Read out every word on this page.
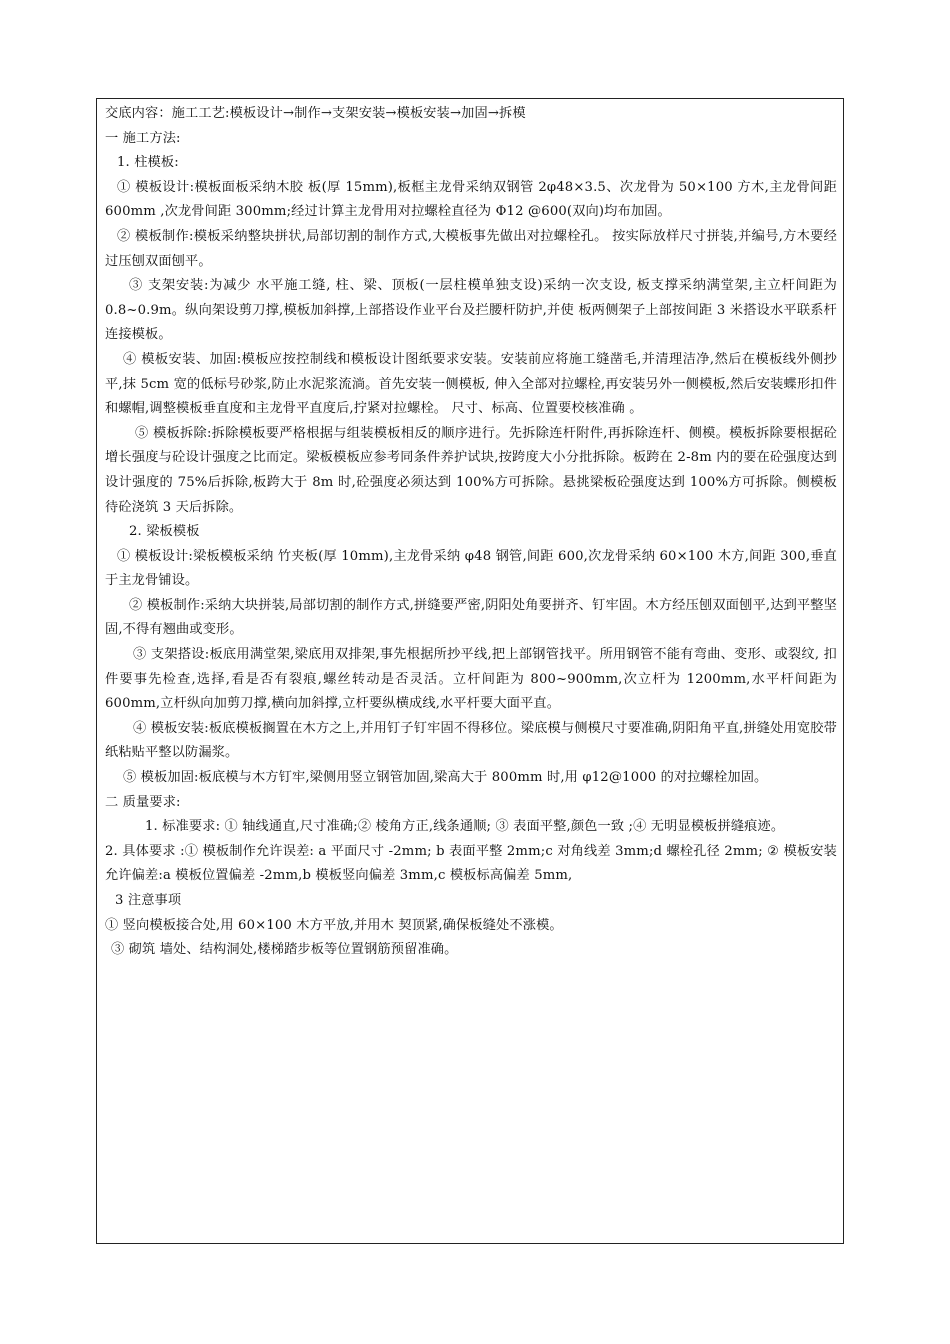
交底内容：施工工艺:模板设计→制作→支架安装→模板安装→加固→拆模

一 施工方法:

1. 柱模板:

① 模板设计:模板面板采纳木胶 板(厚 15mm),板框主龙骨采纳双钢管 2φ48×3.5、次龙骨为 50×100 方木,主龙骨间距 600mm ,次龙骨间距 300mm;经过计算主龙骨用对拉螺栓直径为 Φ12 @600(双向)均布加固。

② 模板制作:模板采纳整块拼状,局部切割的制作方式,大模板事先做出对拉螺栓孔。 按实际放样尺寸拼装,并编号,方木要经过压刨双面刨平。

③ 支架安装:为减少 水平施工缝, 柱、梁、顶板(一层柱模单独支设)采纳一次支设, 板支撑采纳满堂架,主立杆间距为 0.8~0.9m。纵向架设剪刀撑,模板加斜撑,上部搭设作业平台及拦腰杆防护,并使 板两侧架子上部按间距 3 米搭设水平联系杆连接模板。

④ 模板安装、加固:模板应按控制线和模板设计图纸要求安装。安装前应将施工缝凿毛,并清理洁净,然后在模板线外侧抄平,抹 5cm 宽的低标号砂浆,防止水泥浆流淌。首先安装一侧模板, 伸入全部对拉螺栓,再安装另外一侧模板,然后安装蝶形扣件和螺帽,调整模板垂直度和主龙骨平直度后,拧紧对拉螺栓。 尺寸、标高、位置要校核准确 。

⑤ 模板拆除:拆除模板要严格根据与组装模板相反的顺序进行。先拆除连杆附件,再拆除连杆、侧模。模板拆除要根据砼增长强度与砼设计强度之比而定。梁板模板应参考同条件养护试块,按跨度大小分批拆除。板跨在 2-8m 内的要在砼强度达到设计强度的 75%后拆除,板跨大于 8m 时,砼强度必须达到 100%方可拆除。悬挑梁板砼强度达到 100%方可拆除。侧模板 待砼浇筑 3 天后拆除。

2. 梁板模板

① 模板设计:梁板模板采纳 竹夹板(厚 10mm),主龙骨采纳 φ48 钢管,间距 600,次龙骨采纳 60×100 木方,间距 300,垂直于主龙骨铺设。

② 模板制作:采纳大块拼装,局部切割的制作方式,拼缝要严密,阴阳处角要拼齐、钉牢固。木方经压刨双面刨平,达到平整坚固,不得有翘曲或变形。

③ 支架搭设:板底用满堂架,梁底用双排架,事先根据所抄平线,把上部钢管找平。所用钢管不能有弯曲、变形、或裂纹, 扣件要事先检查,选择,看是否有裂痕,螺丝转动是否灵活。立杆间距为 800~900mm,次立杆为 1200mm,水平杆间距为 600mm,立杆纵向加剪刀撑,横向加斜撑,立杆要纵横成线,水平杆要大面平直。

④ 模板安装:板底模板搁置在木方之上,并用钉子钉牢固不得移位。梁底模与侧模尺寸要准确,阴阳角平直,拼缝处用宽胶带纸粘贴平整以防漏浆。

⑤ 模板加固:板底模与木方钉牢,梁侧用竖立钢管加固,梁高大于 800mm 时,用 φ12@1000 的对拉螺栓加固。

二 质量要求:

1. 标准要求: ① 轴线通直,尺寸准确;② 棱角方正,线条通顺; ③ 表面平整,颜色一致 ;④ 无明显模板拼缝痕迹。

2. 具体要求 :① 模板制作允许误差: a 平面尺寸 -2mm; b 表面平整 2mm;c 对角线差 3mm;d 螺栓孔径 2mm; ② 模板安装允许偏差:a 模板位置偏差 -2mm,b 模板竖向偏差 3mm,c 模板标高偏差 5mm,

3 注意事项

① 竖向模板接合处,用 60×100 木方平放,并用木 契顶紧,确保板缝处不涨模。

③ 砌筑 墙处、结构洞处,楼梯踏步板等位置钢筋预留准确。
